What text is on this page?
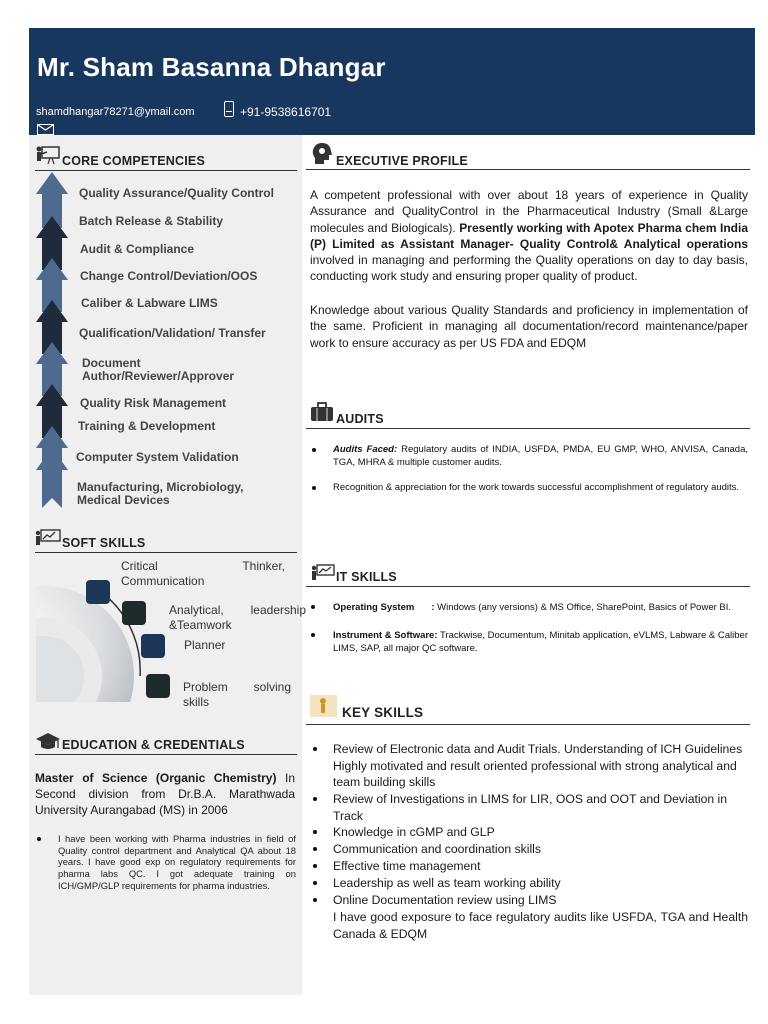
Mr. Sham Basanna Dhangar
shamdhangar78271@ymail.com	+91-9538616701
CORE COMPETENCIES
Quality Assurance/Quality Control
Batch Release & Stability
Audit & Compliance
Change Control/Deviation/OOS
Caliber & Labware LIMS
Qualification/Validation/ Transfer
Document
Author/Reviewer/Approver
Quality Risk Management
Training & Development
Computer System Validation
Manufacturing, Microbiology,
Medical Devices
SOFT SKILLS
Critical	Thinker,
Communication
Analytical, leadership
&Teamwork
Planner
Problem solving
skills
EDUCATION & CREDENTIALS
Master of Science (Organic Chemistry) In Second division from Dr.B.A. Marathwada University Aurangabad (MS) in 2006
I have been working with Pharma industries in field of Quality control department and Analytical QA about 18 years. I have good exp on regulatory requirements for pharma labs QC. I got adequate training on ICH/GMP/GLP requirements for pharma industries.
EXECUTIVE PROFILE
A competent professional with over about 18 years of experience in Quality Assurance and QualityControl in the Pharmaceutical Industry (Small &Large molecules and Biologicals). Presently working with Apotex Pharma chem India (P) Limited as Assistant Manager- Quality Control& Analytical operations involved in managing and performing the Quality operations on day to day basis, conducting work study and ensuring proper quality of product.
Knowledge about various Quality Standards and proficiency in implementation of the same. Proficient in managing all documentation/record maintenance/paper work to ensure accuracy as per US FDA and EDQM
AUDITS
Audits Faced: Regulatory audits of INDIA, USFDA, PMDA, EU GMP, WHO, ANVISA, Canada, TGA, MHRA & multiple customer audits.
Recognition & appreciation for the work towards successful accomplishment of regulatory audits.
IT SKILLS
Operating System : Windows (any versions) & MS Office, SharePoint, Basics of Power BI.
Instrument & Software: Trackwise, Documentum, Minitab application, eVLMS, Labware & Caliber LIMS, SAP, all major QC software.
KEY SKILLS
Review of Electronic data and Audit Trials. Understanding of ICH Guidelines Highly motivated and result oriented professional with strong analytical and team building skills
Review of Investigations in LIMS for LIR, OOS and OOT and Deviation in Track
Knowledge in cGMP and GLP
Communication and coordination skills
Effective time management
Leadership as well as team working ability
Online Documentation review using LIMS
I have good exposure to face regulatory audits like USFDA, TGA and Health Canada & EDQM
